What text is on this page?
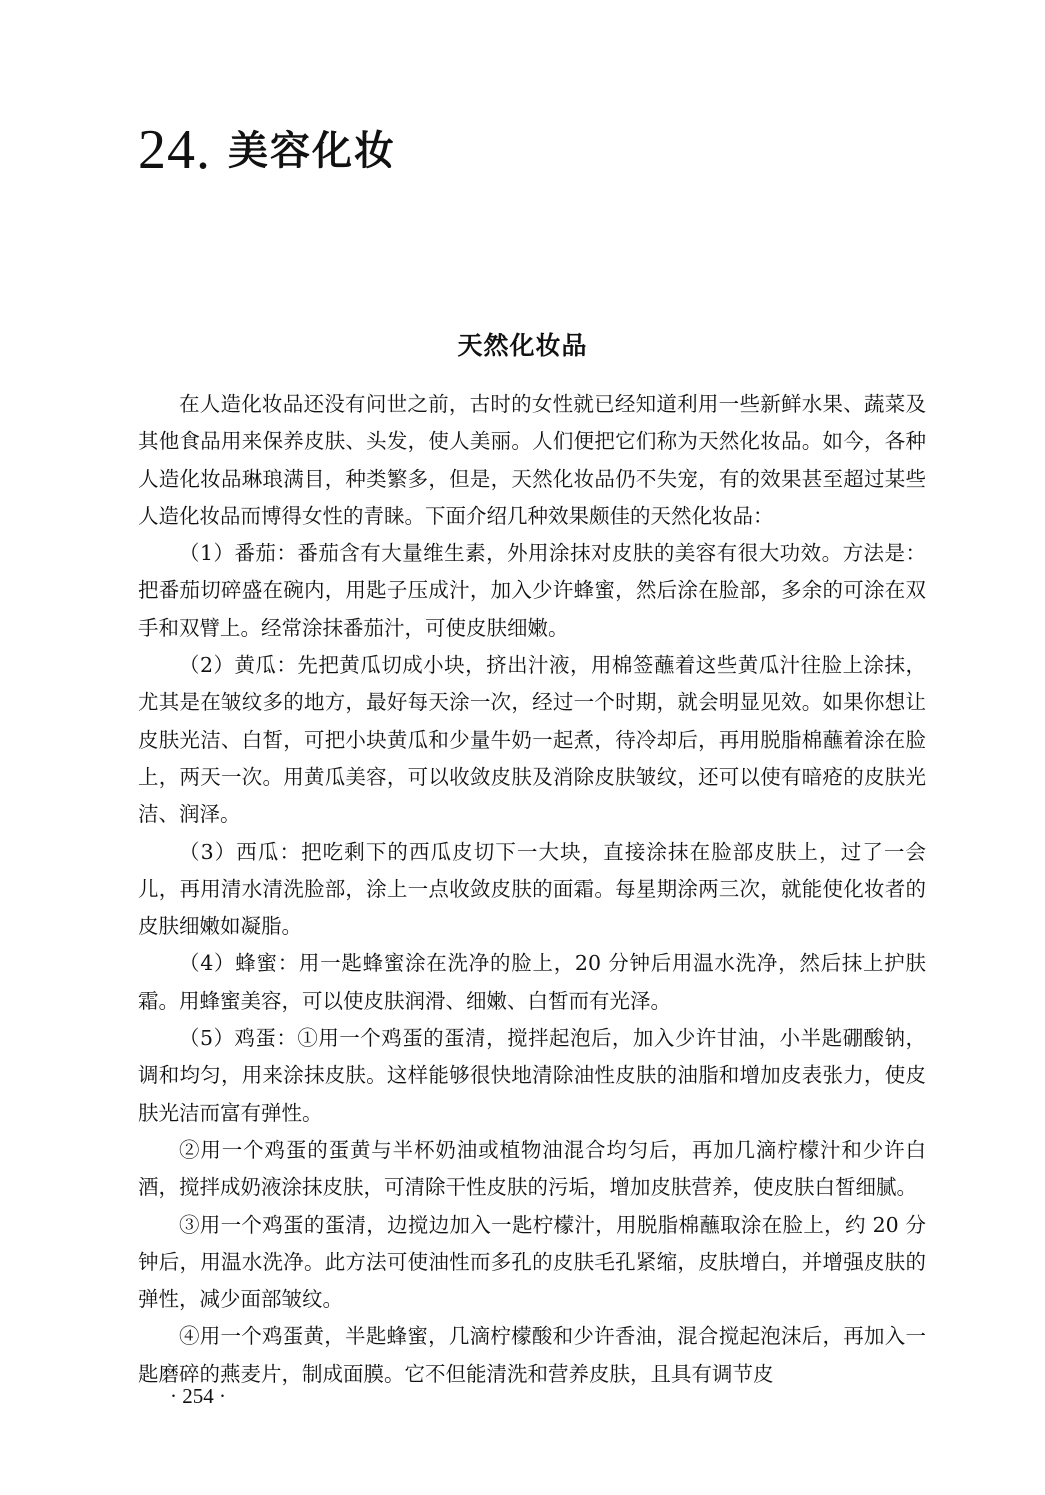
24. 美容化妆
天然化妆品

在人造化妆品还没有问世之前，古时的女性就已经知道利用一些新鲜水果、蔬菜及其他食品用来保养皮肤、头发，使人美丽。人们便把它们称为天然化妆品。如今，各种人造化妆品琳琅满目，种类繁多，但是，天然化妆品仍不失宠，有的效果甚至超过某些人造化妆品而博得女性的青睐。下面介绍几种效果颇佳的天然化妆品：

（1）番茄：番茄含有大量维生素，外用涂抹对皮肤的美容有很大功效。方法是：把番茄切碎盛在碗内，用匙子压成汁，加入少许蜂蜜，然后涂在脸部，多余的可涂在双手和双臂上。经常涂抹番茄汁，可使皮肤细嫩。

（2）黄瓜：先把黄瓜切成小块，挤出汁液，用棉签蘸着这些黄瓜汁往脸上涂抹，尤其是在皱纹多的地方，最好每天涂一次，经过一个时期，就会明显见效。如果你想让皮肤光洁、白皙，可把小块黄瓜和少量牛奶一起煮，待冷却后，再用脱脂棉蘸着涂在脸上，两天一次。用黄瓜美容，可以收敛皮肤及消除皮肤皱纹，还可以使有暗疮的皮肤光洁、润泽。

（3）西瓜：把吃剩下的西瓜皮切下一大块，直接涂抹在脸部皮肤上，过了一会儿，再用清水清洗脸部，涂上一点收敛皮肤的面霜。每星期涂两三次，就能使化妆者的皮肤细嫩如凝脂。

（4）蜂蜜：用一匙蜂蜜涂在洗净的脸上，20 分钟后用温水洗净，然后抹上护肤霜。用蜂蜜美容，可以使皮肤润滑、细嫩、白皙而有光泽。

（5）鸡蛋：①用一个鸡蛋的蛋清，搅拌起泡后，加入少许甘油，小半匙硼酸钠，调和均匀，用来涂抹皮肤。这样能够很快地清除油性皮肤的油脂和增加皮表张力，使皮肤光洁而富有弹性。

②用一个鸡蛋的蛋黄与半杯奶油或植物油混合均匀后，再加几滴柠檬汁和少许白酒，搅拌成奶液涂抹皮肤，可清除干性皮肤的污垢，增加皮肤营养，使皮肤白皙细腻。

③用一个鸡蛋的蛋清，边搅边加入一匙柠檬汁，用脱脂棉蘸取涂在脸上，约 20 分钟后，用温水洗净。此方法可使油性而多孔的皮肤毛孔紧缩，皮肤增白，并增强皮肤的弹性，减少面部皱纹。

④用一个鸡蛋黄，半匙蜂蜜，几滴柠檬酸和少许香油，混合搅起泡沫后，再加入一匙磨碎的燕麦片，制成面膜。它不但能清洗和营养皮肤，且具有调节皮

· 254 ·
